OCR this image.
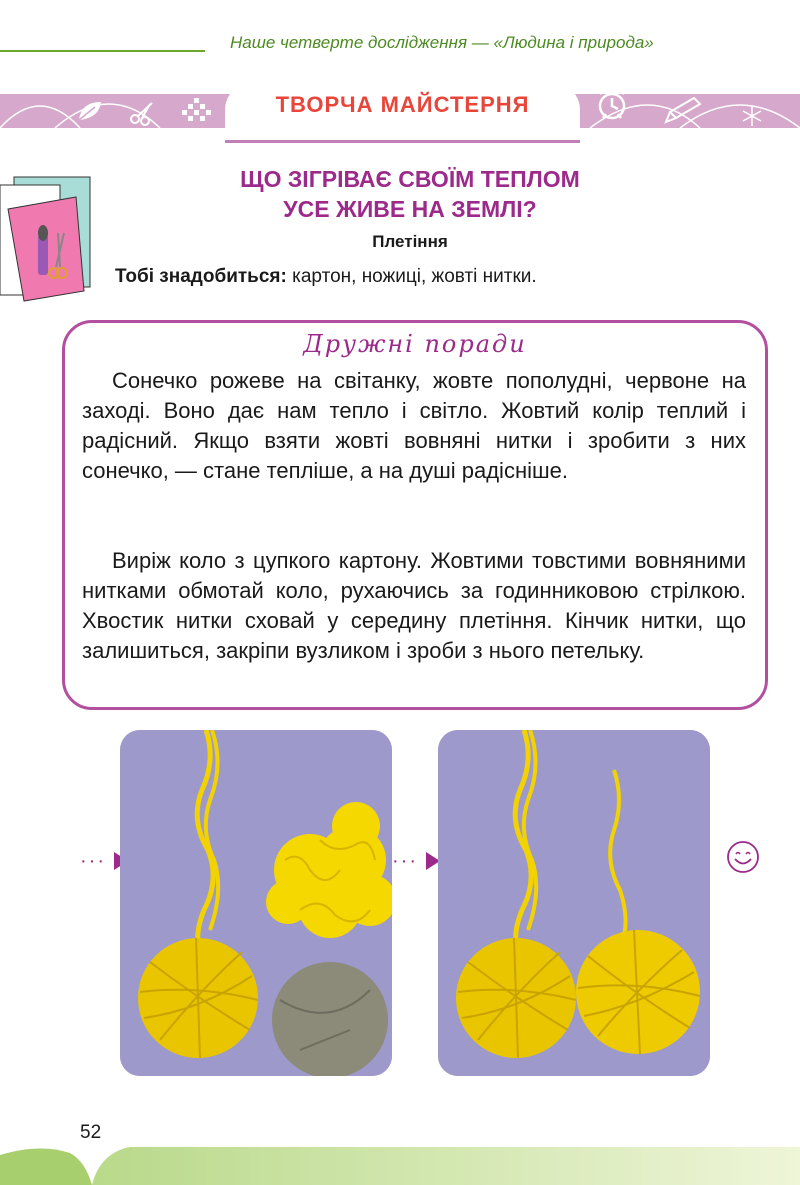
Наше четверте дослідження — «Людина і природа»
ТВОРЧА МАЙСТЕРНЯ
ЩО ЗІГРІВАЄ СВОЇМ ТЕПЛОМ
УСЕ ЖИВЕ НА ЗЕМЛІ?
Плетіння
Тобі знадобиться: картон, ножиці, жовті нитки.
Дружні поради

Сонечко рожеве на світанку, жовте пополудні, червоне на заході. Воно дає нам тепло і світло. Жовтий колір теплий і радісний. Якщо взяти жовті вовняні нитки і зробити з них сонечко, — стане тепліше, а на душі радісніше.

Виріж коло з цупкого картону. Жовтими товстими вовняними нитками обмотай коло, рухаючись за годинниковою стрілкою. Хвостик нитки сховай у середину плетіння. Кінчик нитки, що залишиться, закріпи вузликом і зроби з нього петельку.

···	···
52
